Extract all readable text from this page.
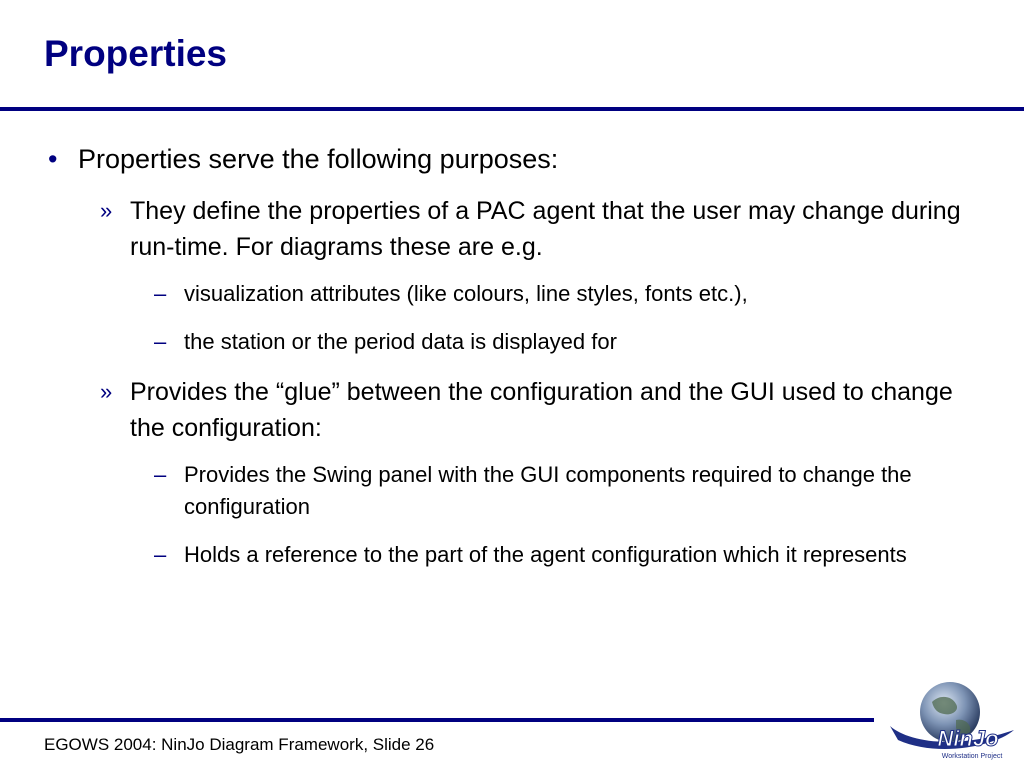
Properties
• Properties serve the following purposes:
» They define the properties of a PAC agent that the user may change during run-time. For diagrams these are e.g.
– visualization attributes (like colours, line styles, fonts etc.),
– the station or the period data is displayed for
» Provides the “glue” between the configuration and the GUI used to change the configuration:
– Provides the Swing panel with the GUI components required to change the configuration
– Holds a reference to the part of the agent configuration which it represents
EGOWS 2004: NinJo Diagram Framework, Slide 26	NinJo
Workstation Project
